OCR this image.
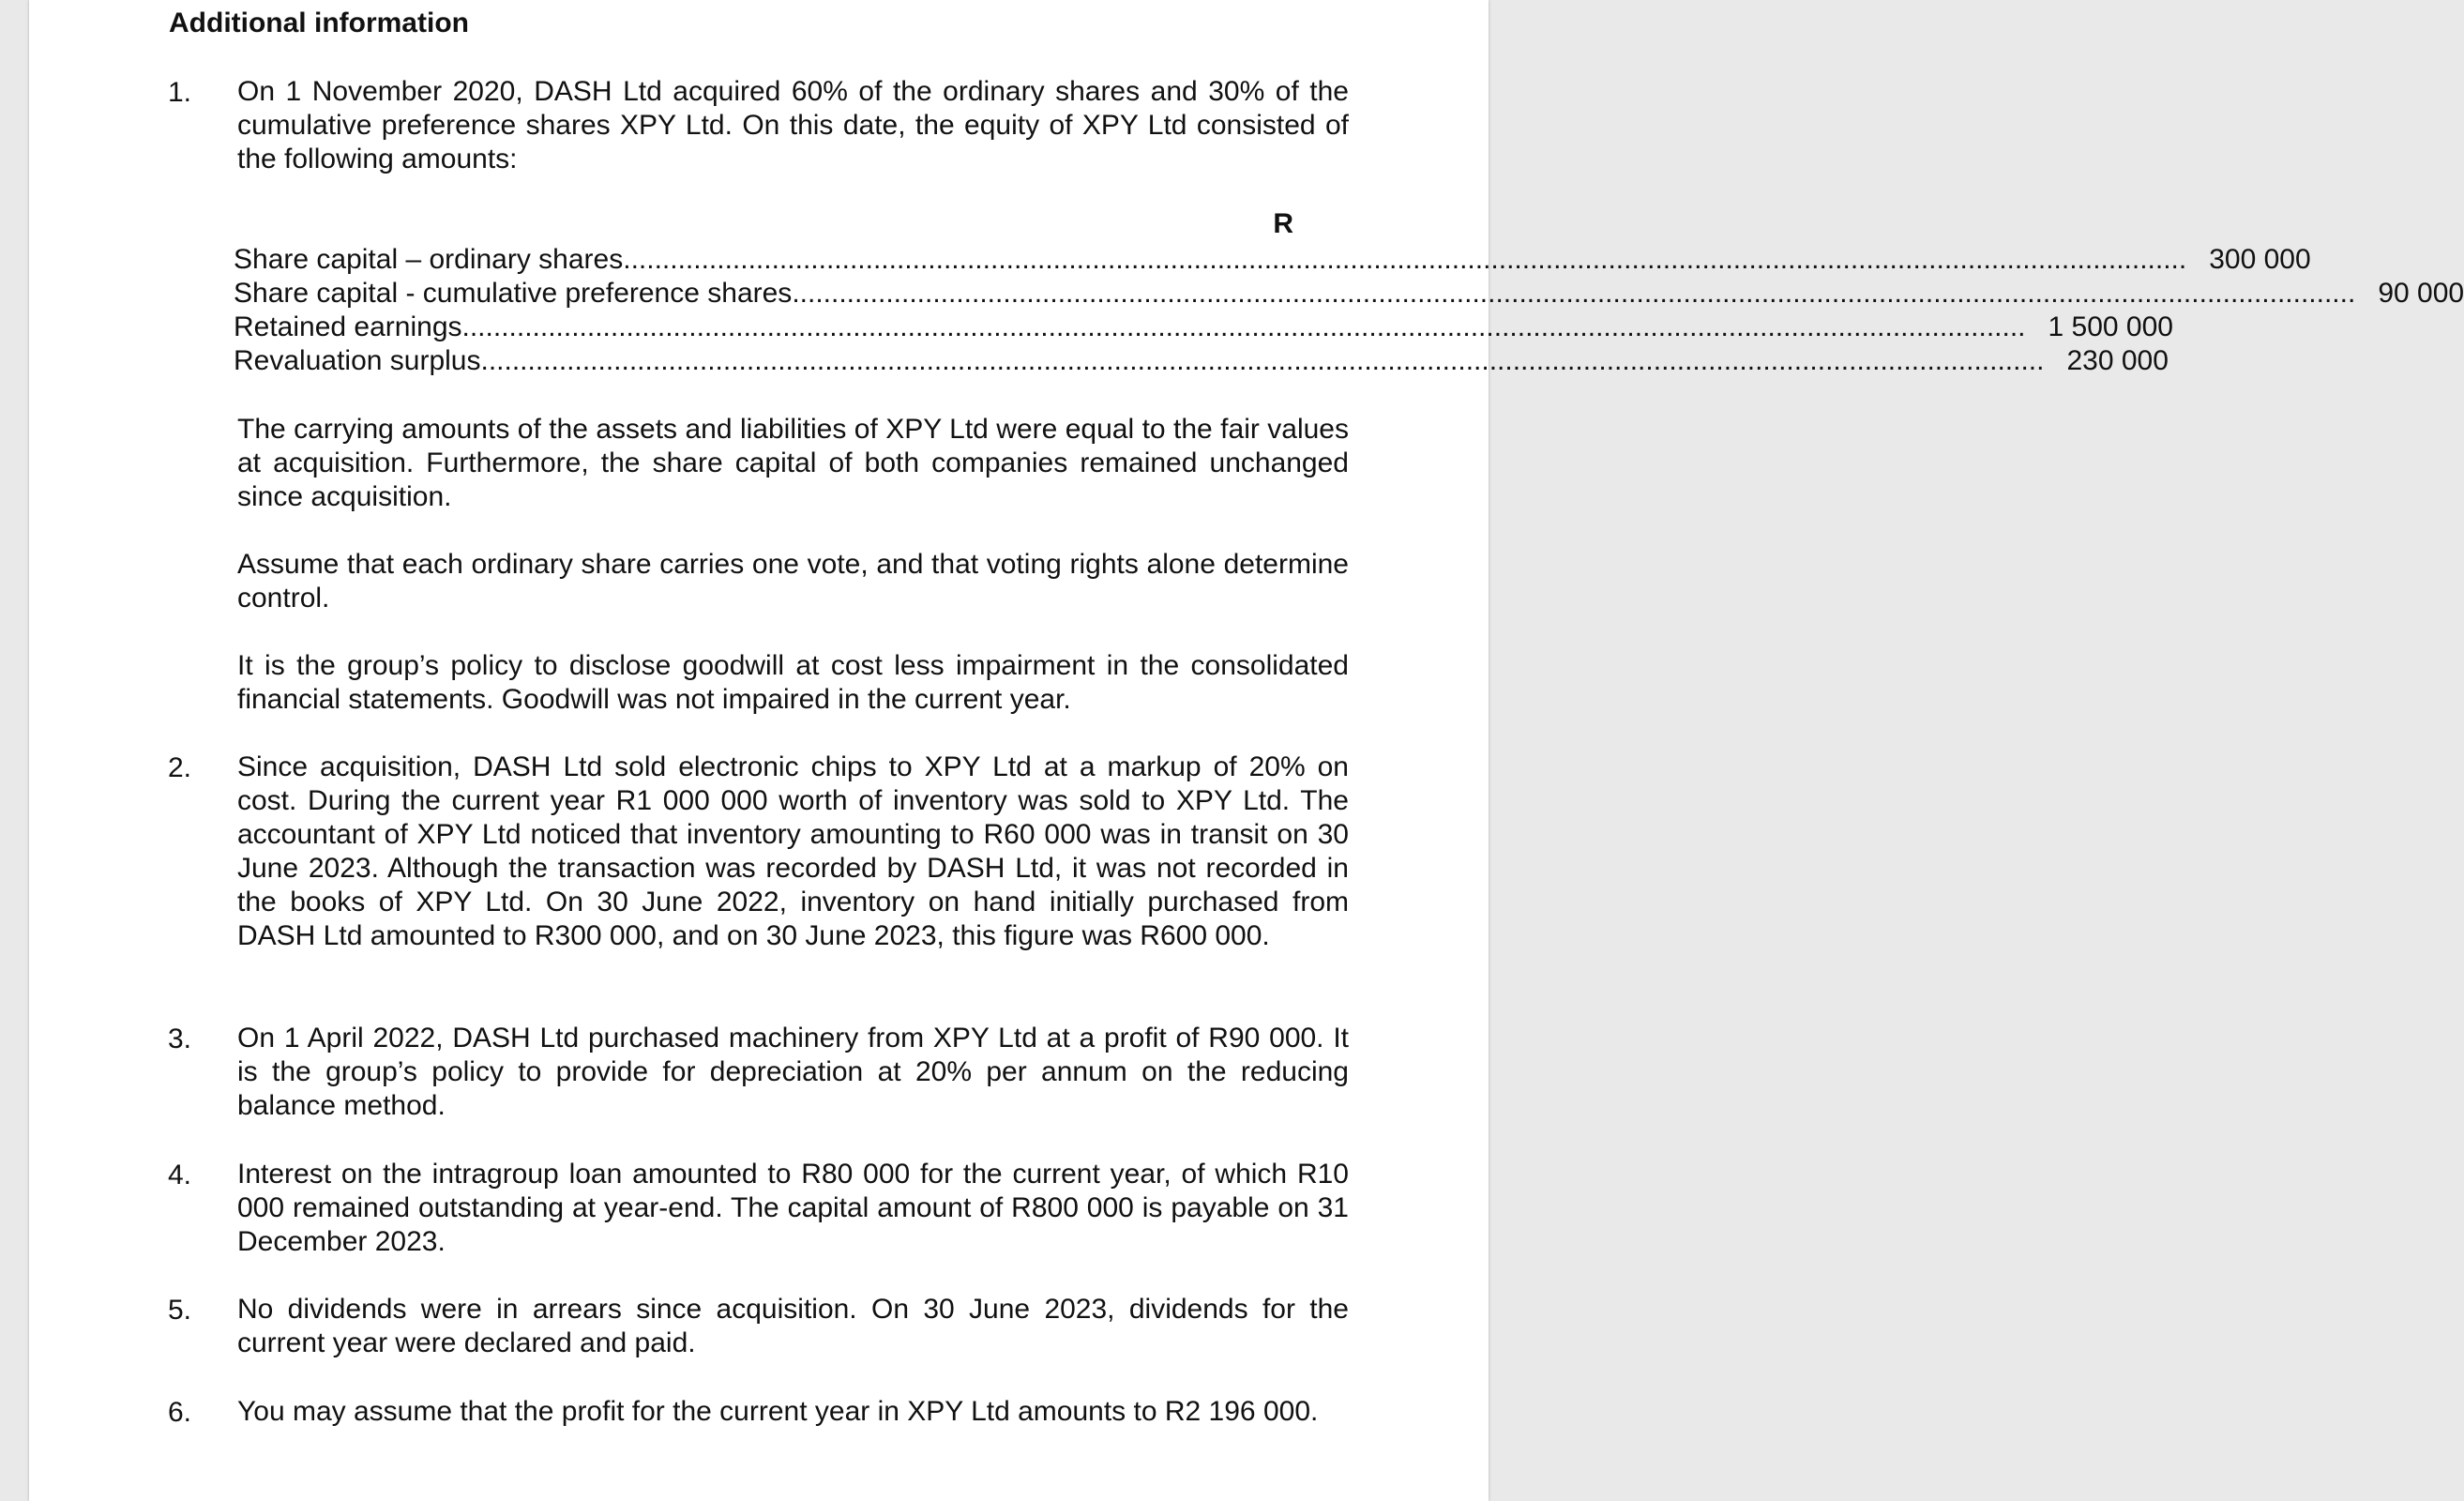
Additional information
1. On 1 November 2020, DASH Ltd acquired 60% of the ordinary shares and 30% of the cumulative preference shares XPY Ltd. On this date, the equity of XPY Ltd consisted of the following amounts:

R
Share capital – ordinary shares ........................................................................................................................................................................................................ 300 000
Share capital - cumulative preference shares ........................................................................................................................................................................................................ 90 000
Retained earnings ........................................................................................................................................................................................................ 1 500 000
Revaluation surplus ........................................................................................................................................................................................................ 230 000

The carrying amounts of the assets and liabilities of XPY Ltd were equal to the fair values at acquisition. Furthermore, the share capital of both companies remained unchanged since acquisition.

Assume that each ordinary share carries one vote, and that voting rights alone determine control.

It is the group’s policy to disclose goodwill at cost less impairment in the consolidated financial statements. Goodwill was not impaired in the current year.

2. Since acquisition, DASH Ltd sold electronic chips to XPY Ltd at a markup of 20% on cost. During the current year R1 000 000 worth of inventory was sold to XPY Ltd. The accountant of XPY Ltd noticed that inventory amounting to R60 000 was in transit on 30 June 2023. Although the transaction was recorded by DASH Ltd, it was not recorded in the books of XPY Ltd. On 30 June 2022, inventory on hand initially purchased from DASH Ltd amounted to R300 000, and on 30 June 2023, this figure was R600 000.

3. On 1 April 2022, DASH Ltd purchased machinery from XPY Ltd at a profit of R90 000. It is the group’s policy to provide for depreciation at 20% per annum on the reducing balance method.

4. Interest on the intragroup loan amounted to R80 000 for the current year, of which R10 000 remained outstanding at year-end. The capital amount of R800 000 is payable on 31 December 2023.

5. No dividends were in arrears since acquisition. On 30 June 2023, dividends for the current year were declared and paid.

6. You may assume that the profit for the current year in XPY Ltd amounts to R2 196 000.
